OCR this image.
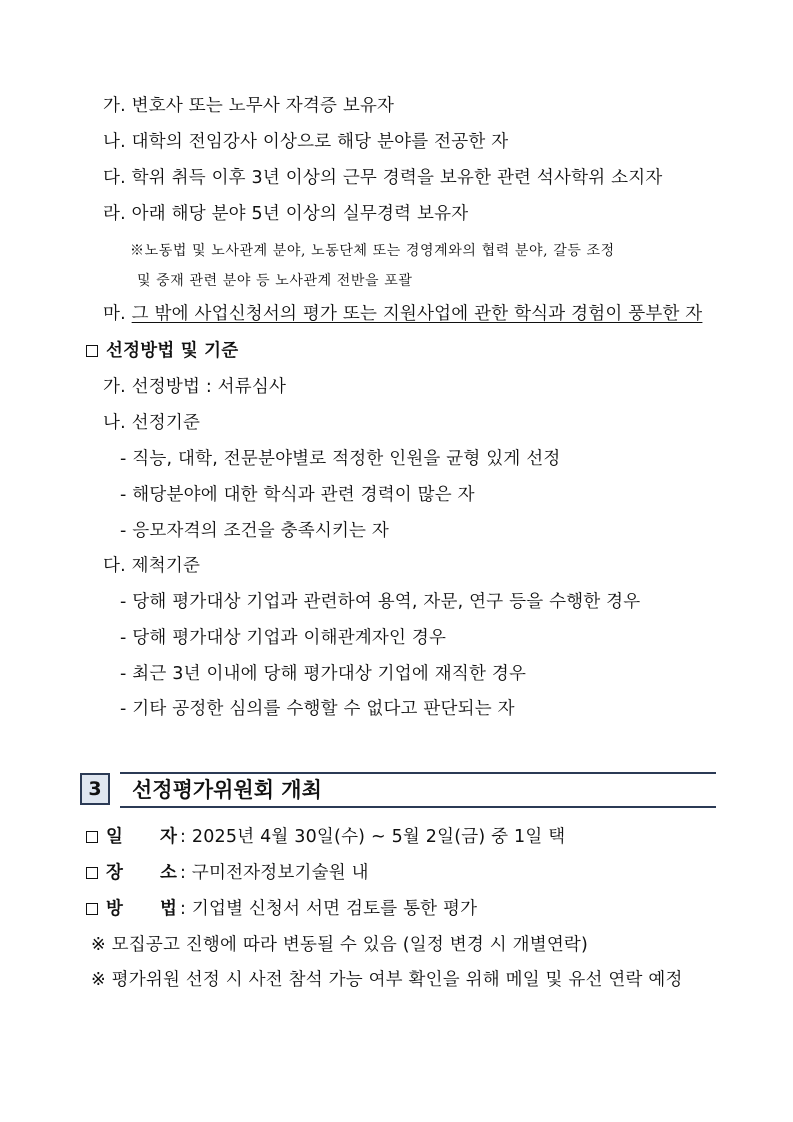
가. 변호사 또는 노무사 자격증 보유자
나. 대학의 전임강사 이상으로 해당 분야를 전공한 자
다. 학위 취득 이후 3년 이상의 근무 경력을 보유한 관련 석사학위 소지자
라. 아래 해당 분야 5년 이상의 실무경력 보유자
※노동법 및 노사관계 분야, 노동단체 또는 경영계와의 협력 분야, 갈등 조정
및 중재 관련 분야 등 노사관계 전반을 포괄
마. 그 밖에 사업신청서의 평가 또는 지원사업에 관한 학식과 경험이 풍부한 자
선정방법 및 기준
가. 선정방법 : 서류심사
나. 선정기준
- 직능, 대학, 전문분야별로 적정한 인원을 균형 있게 선정
- 해당분야에 대한 학식과 관련 경력이 많은 자
- 응모자격의 조건을 충족시키는 자
다. 제척기준
- 당해 평가대상 기업과 관련하여 용역, 자문, 연구 등을 수행한 경우
- 당해 평가대상 기업과 이해관계자인 경우
- 최근 3년 이내에 당해 평가대상 기업에 재직한 경우
- 기타 공정한 심의를 수행할 수 없다고 판단되는 자
3	선정평가위원회 개최
일 자 : 2025년 4월 30일(수) ~ 5월 2일(금) 중 1일 택
장 소 : 구미전자정보기술원 내
방 법 : 기업별 신청서 서면 검토를 통한 평가
※ 모집공고 진행에 따라 변동될 수 있음 (일정 변경 시 개별연락)
※ 평가위원 선정 시 사전 참석 가능 여부 확인을 위해 메일 및 유선 연락 예정
